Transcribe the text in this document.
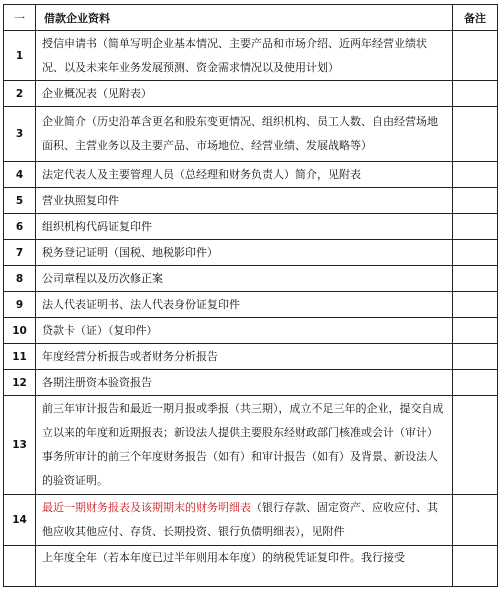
一	借款企业资料	备注
1	授信申请书（简单写明企业基本情况、主要产品和市场介绍、近两年经营业绩状况、以及未来年业务发展预测、资金需求情况以及使用计划）	
2	企业概况表（见附表）	
3	企业简介（历史沿革含更名和股东变更情况、组织机构、员工人数、自由经营场地面积、主营业务以及主要产品、市场地位、经营业绩、发展战略等）	
4	法定代表人及主要管理人员（总经理和财务负责人）简介，见附表	
5	营业执照复印件	
6	组织机构代码证复印件	
7	税务登记证明（国税、地税影印件）	
8	公司章程以及历次修正案	
9	法人代表证明书、法人代表身份证复印件	
10	贷款卡（证）（复印件）	
11	年度经营分析报告或者财务分析报告	
12	各期注册资本验资报告	
13	前三年审计报告和最近一期月报或季报（共三期），成立不足三年的企业，提交自成立以来的年度和近期报表；新设法人提供主要股东经财政部门核准或会计（审计）事务所审计的前三个年度财务报告（如有）和审计报告（如有）及背景、新设法人的验资证明。	
14	最近一期财务报表及该期期末的财务明细表（银行存款、固定资产、应收应付、其他应收其他应付、存货、长期投资、银行负债明细表），见附件	
	上年度全年（若本年度已过半年则用本年度）的纳税凭证复印件。我行接受	
